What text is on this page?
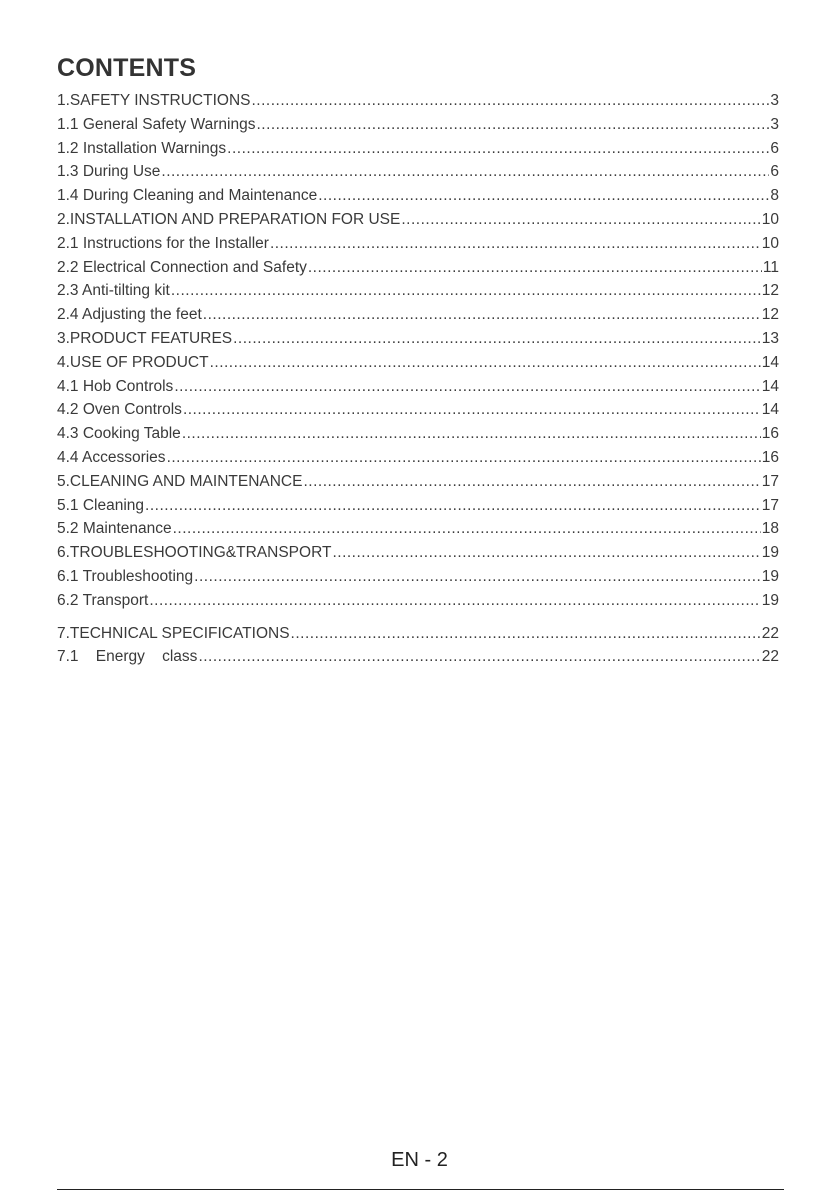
CONTENTS
1.SAFETY INSTRUCTIONS .....	3
1.1 General Safety Warnings .....	3
1.2 Installation Warnings .....	6
1.3 During Use .....	6
1.4 During Cleaning and Maintenance .....	8
2.INSTALLATION AND PREPARATION FOR USE .....	10
2.1 Instructions for the Installer .....	10
2.2 Electrical Connection and Safety .....	11
2.3 Anti-tilting kit .....	12
2.4 Adjusting the feet .....	12
3.PRODUCT FEATURES .....	13
4.USE OF PRODUCT .....	14
4.1 Hob Controls .....	14
4.2 Oven Controls .....	14
4.3 Cooking Table .....	16
4.4 Accessories .....	16
5.CLEANING AND MAINTENANCE .....	17
5.1 Cleaning .....	17
5.2 Maintenance .....	18
6.TROUBLESHOOTING&TRANSPORT .....	19
6.1 Troubleshooting .....	19
6.2 Transport .....	19
7.TECHNICAL SPECIFICATIONS .....	22
7.1    Energy    class .....	22
EN - 2
